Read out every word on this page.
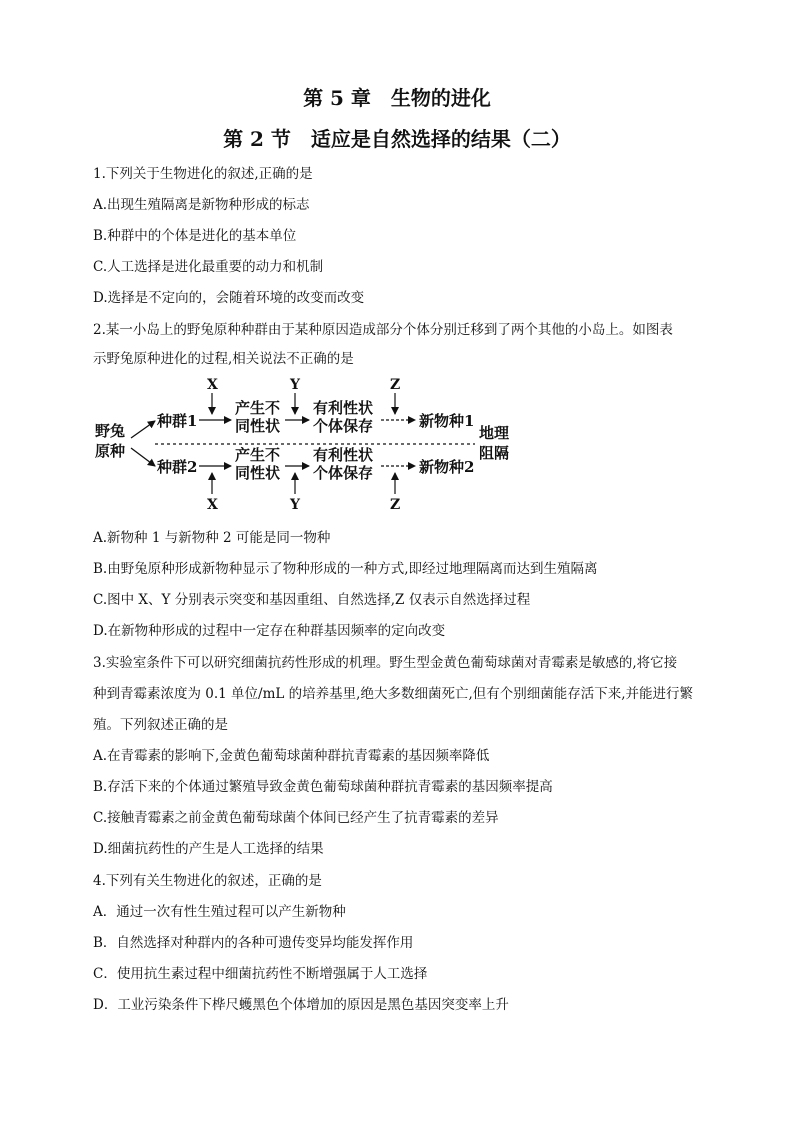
第 5 章　生物的进化
第 2 节　适应是自然选择的结果（二）
1.下列关于生物进化的叙述,正确的是
A.出现生殖隔离是新物种形成的标志
B.种群中的个体是进化的基本单位
C.人工选择是进化最重要的动力和机制
D.选择是不定向的，会随着环境的改变而改变
2.某一小岛上的野兔原种种群由于某种原因造成部分个体分别迁移到了两个其他的小岛上。如图表
示野兔原种进化的过程,相关说法不正确的是
野兔
原种
种群1
产生不
同性状
有利性状
个体保存	新物种1
X	Y	Z
地理
阻隔
种群2
产生不
同性状
有利性状
个体保存	新物种2
X	Y	Z
A.新物种 1 与新物种 2 可能是同一物种
B.由野兔原种形成新物种显示了物种形成的一种方式,即经过地理隔离而达到生殖隔离
C.图中 X、Y 分别表示突变和基因重组、自然选择,Z 仅表示自然选择过程
D.在新物种形成的过程中一定存在种群基因频率的定向改变
3.实验室条件下可以研究细菌抗药性形成的机理。野生型金黄色葡萄球菌对青霉素是敏感的,将它接
种到青霉素浓度为 0.1 单位/mL 的培养基里,绝大多数细菌死亡,但有个别细菌能存活下来,并能进行繁
殖。下列叙述正确的是
A.在青霉素的影响下,金黄色葡萄球菌种群抗青霉素的基因频率降低
B.存活下来的个体通过繁殖导致金黄色葡萄球菌种群抗青霉素的基因频率提高
C.接触青霉素之前金黄色葡萄球菌个体间已经产生了抗青霉素的差异
D.细菌抗药性的产生是人工选择的结果
4.下列有关生物进化的叙述，正确的是
A．通过一次有性生殖过程可以产生新物种
B．自然选择对种群内的各种可遗传变异均能发挥作用
C．使用抗生素过程中细菌抗药性不断增强属于人工选择
D．工业污染条件下桦尺蠖黑色个体增加的原因是黑色基因突变率上升
